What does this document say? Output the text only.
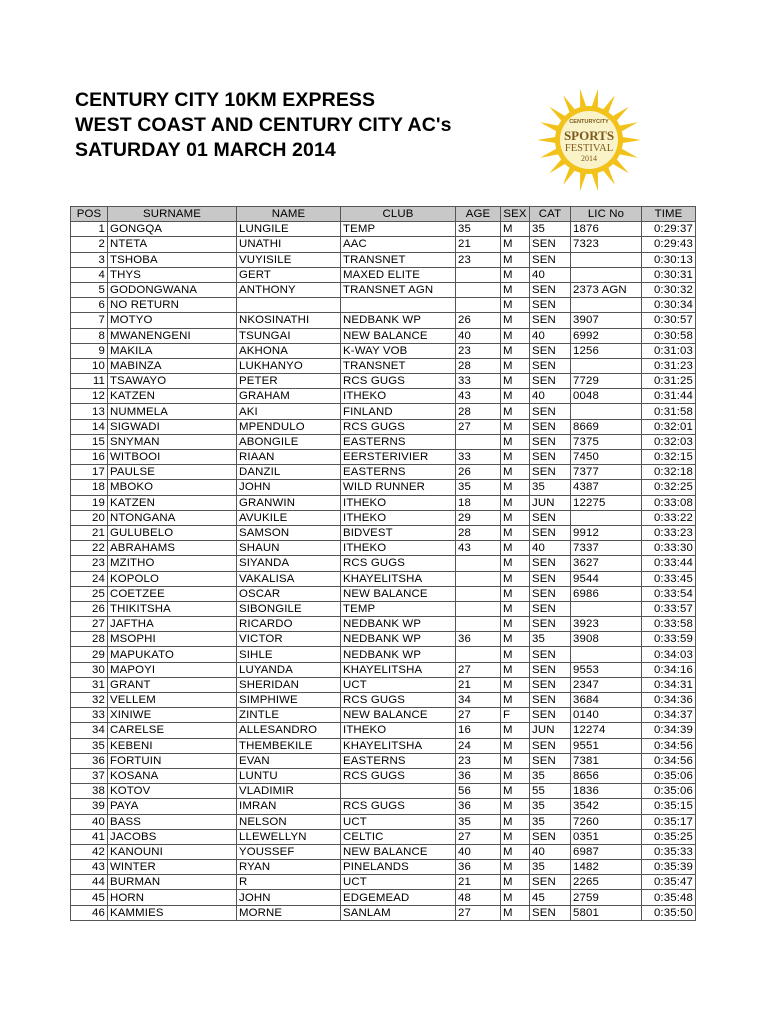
CENTURY CITY 10KM EXPRESS
WEST COAST AND CENTURY CITY AC's
SATURDAY 01 MARCH 2014
CENTURYCITY
SPORTS
FESTIVAL
2014
POS	SURNAME	NAME	CLUB	AGE	SEX	CAT	LIC No	TIME
1	GONGQA	LUNGILE	TEMP	35	M	35	1876	0:29:37
2	NTETA	UNATHI	AAC	21	M	SEN	7323	0:29:43
3	TSHOBA	VUYISILE	TRANSNET	23	M	SEN		0:30:13
4	THYS	GERT	MAXED ELITE		M	40		0:30:31
5	GODONGWANA	ANTHONY	TRANSNET AGN		M	SEN	2373 AGN	0:30:32
6	NO RETURN				M	SEN		0:30:34
7	MOTYO	NKOSINATHI	NEDBANK WP	26	M	SEN	3907	0:30:57
8	MWANENGENI	TSUNGAI	NEW BALANCE	40	M	40	6992	0:30:58
9	MAKILA	AKHONA	K-WAY VOB	23	M	SEN	1256	0:31:03
10	MABINZA	LUKHANYO	TRANSNET	28	M	SEN		0:31:23
11	TSAWAYO	PETER	RCS GUGS	33	M	SEN	7729	0:31:25
12	KATZEN	GRAHAM	ITHEKO	43	M	40	0048	0:31:44
13	NUMMELA	AKI	FINLAND	28	M	SEN		0:31:58
14	SIGWADI	MPENDULO	RCS GUGS	27	M	SEN	8669	0:32:01
15	SNYMAN	ABONGILE	EASTERNS		M	SEN	7375	0:32:03
16	WITBOOI	RIAAN	EERSTERIVIER	33	M	SEN	7450	0:32:15
17	PAULSE	DANZIL	EASTERNS	26	M	SEN	7377	0:32:18
18	MBOKO	JOHN	WILD RUNNER	35	M	35	4387	0:32:25
19	KATZEN	GRANWIN	ITHEKO	18	M	JUN	12275	0:33:08
20	NTONGANA	AVUKILE	ITHEKO	29	M	SEN		0:33:22
21	GULUBELO	SAMSON	BIDVEST	28	M	SEN	9912	0:33:23
22	ABRAHAMS	SHAUN	ITHEKO	43	M	40	7337	0:33:30
23	MZITHO	SIYANDA	RCS GUGS		M	SEN	3627	0:33:44
24	KOPOLO	VAKALISA	KHAYELITSHA		M	SEN	9544	0:33:45
25	COETZEE	OSCAR	NEW BALANCE		M	SEN	6986	0:33:54
26	THIKITSHA	SIBONGILE	TEMP		M	SEN		0:33:57
27	JAFTHA	RICARDO	NEDBANK WP		M	SEN	3923	0:33:58
28	MSOPHI	VICTOR	NEDBANK WP	36	M	35	3908	0:33:59
29	MAPUKATO	SIHLE	NEDBANK WP		M	SEN		0:34:03
30	MAPOYI	LUYANDA	KHAYELITSHA	27	M	SEN	9553	0:34:16
31	GRANT	SHERIDAN	UCT	21	M	SEN	2347	0:34:31
32	VELLEM	SIMPHIWE	RCS GUGS	34	M	SEN	3684	0:34:36
33	XINIWE	ZINTLE	NEW BALANCE	27	F	SEN	0140	0:34:37
34	CARELSE	ALLESANDRO	ITHEKO	16	M	JUN	12274	0:34:39
35	KEBENI	THEMBEKILE	KHAYELITSHA	24	M	SEN	9551	0:34:56
36	FORTUIN	EVAN	EASTERNS	23	M	SEN	7381	0:34:56
37	KOSANA	LUNTU	RCS GUGS	36	M	35	8656	0:35:06
38	KOTOV	VLADIMIR		56	M	55	1836	0:35:06
39	PAYA	IMRAN	RCS GUGS	36	M	35	3542	0:35:15
40	BASS	NELSON	UCT	35	M	35	7260	0:35:17
41	JACOBS	LLEWELLYN	CELTIC	27	M	SEN	0351	0:35:25
42	KANOUNI	YOUSSEF	NEW BALANCE	40	M	40	6987	0:35:33
43	WINTER	RYAN	PINELANDS	36	M	35	1482	0:35:39
44	BURMAN	R	UCT	21	M	SEN	2265	0:35:47
45	HORN	JOHN	EDGEMEAD	48	M	45	2759	0:35:48
46	KAMMIES	MORNE	SANLAM	27	M	SEN	5801	0:35:50
